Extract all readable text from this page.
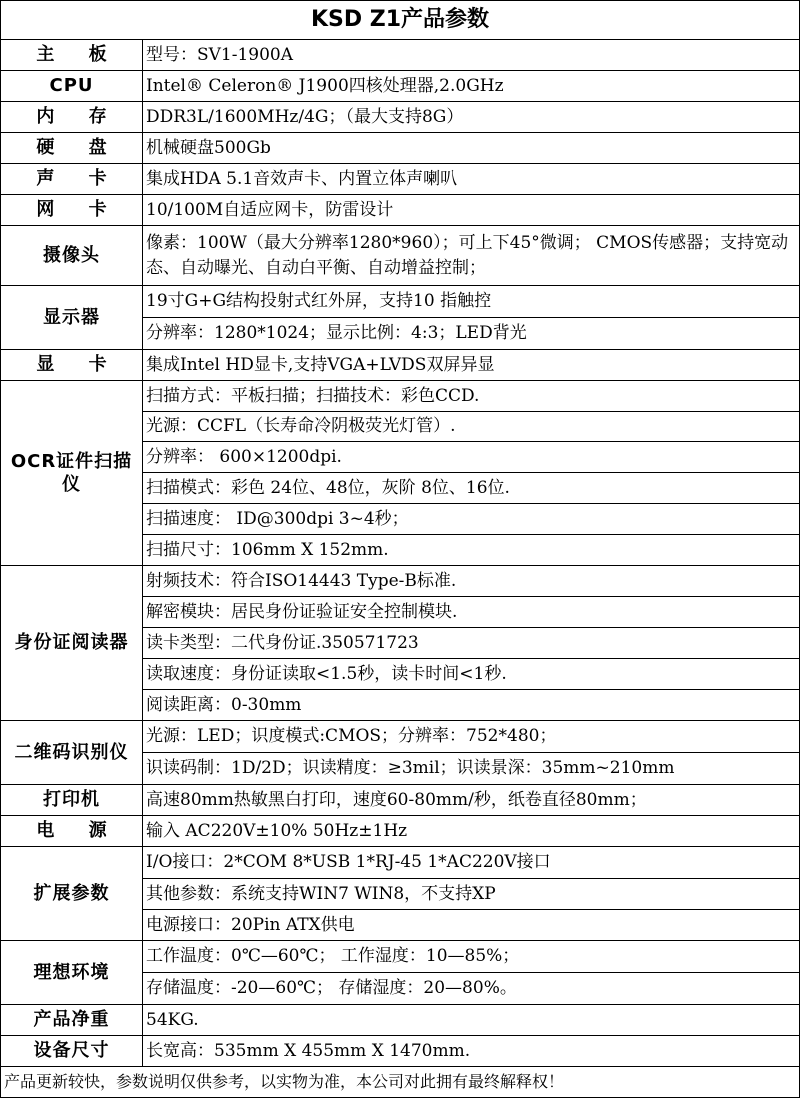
KSD Z1产品参数	
主 板	型号：SV1-1900A
CPU	Intel® Celeron® J1900四核处理器,2.0GHz
内 存	DDR3L/1600MHz/4G；（最大支持8G）
硬 盘	机械硬盘500Gb
声 卡	集成HDA 5.1音效声卡、内置立体声喇叭
网 卡	10/100M自适应网卡，防雷设计
摄像头	像素：100W（最大分辨率1280*960）；可上下45°微调； CMOS传感器；支持宽动态、自动曝光、自动白平衡、自动增益控制；
显示器	19寸G+G结构投射式红外屏，支持10 指触控
	分辨率：1280*1024；显示比例：4:3；LED背光
显 卡	集成Intel HD显卡,支持VGA+LVDS双屏异显
OCR证件扫描仪	扫描方式：平板扫描；扫描技术：彩色CCD.
	光源：CCFL（长寿命冷阴极荧光灯管）.
	分辨率： 600×1200dpi.
	扫描模式：彩色 24位、48位，灰阶 8位、16位.
	扫描速度： ID@300dpi 3~4秒；
	扫描尺寸：106mm X 152mm.
身份证阅读器	射频技术：符合ISO14443 Type-B标准.
	解密模块：居民身份证验证安全控制模块.
	读卡类型：二代身份证.350571723
	读取速度：身份证读取<1.5秒，读卡时间<1秒.
	阅读距离：0-30mm
二维码识别仪	光源：LED；识度模式:CMOS；分辨率：752*480；
	识读码制：1D/2D；识读精度：≥3mil；识读景深：35mm~210mm
打印机	高速80mm热敏黑白打印，速度60-80mm/秒，纸卷直径80mm；
电 源	输入 AC220V±10% 50Hz±1Hz
扩展参数	I/O接口：2*COM 8*USB 1*RJ-45 1*AC220V接口
	其他参数：系统支持WIN7 WIN8，不支持XP
	电源接口：20Pin ATX供电
理想环境	工作温度：0℃—60℃； 工作湿度：10—85%；
	存储温度：-20—60℃； 存储湿度：20—80%。
产品净重	54KG.
设备尺寸	长宽高：535mm X 455mm X 1470mm.
产品更新较快，参数说明仅供参考，以实物为准，本公司对此拥有最终解释权！	
